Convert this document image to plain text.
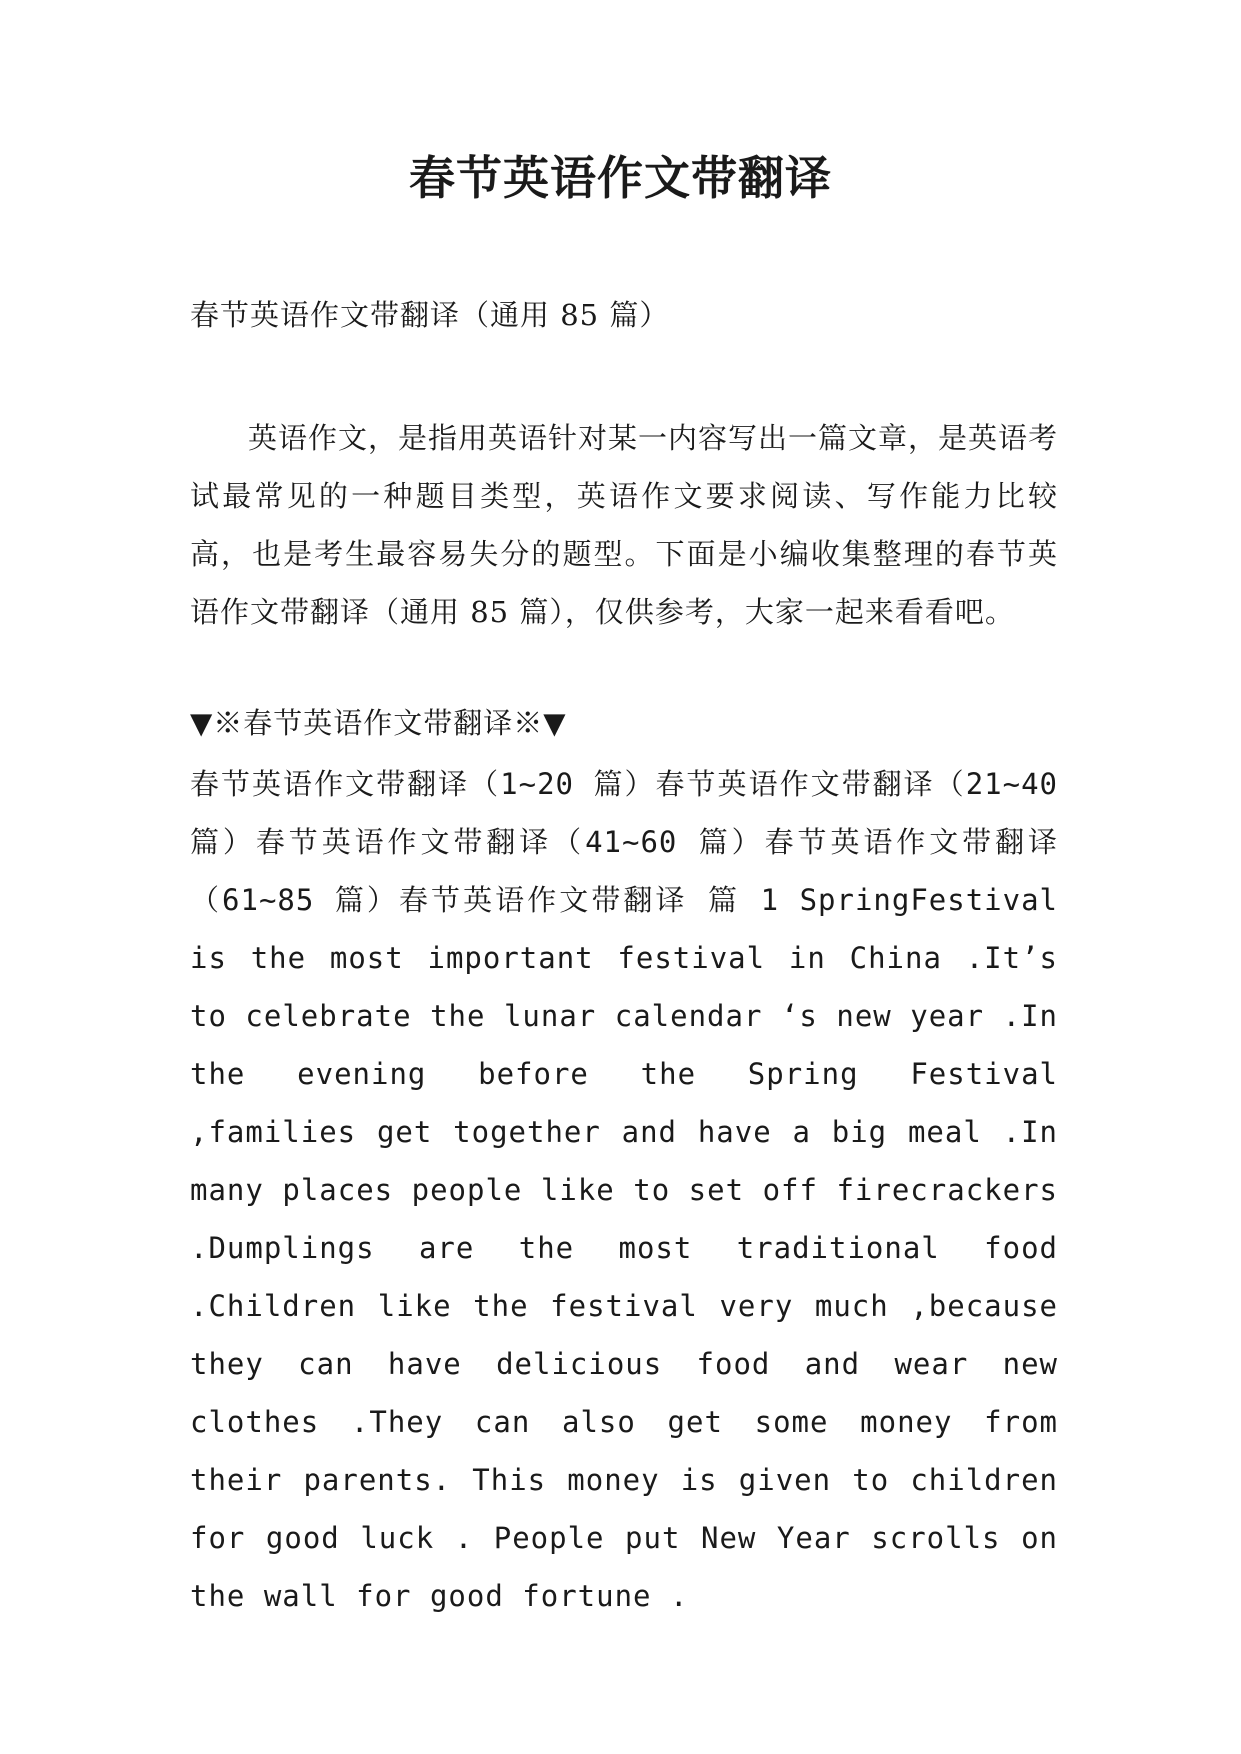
春节英语作文带翻译

春节英语作文带翻译（通用 85 篇）

英语作文，是指用英语针对某一内容写出一篇文章，是英语考试最常见的一种题目类型，英语作文要求阅读、写作能力比较高，也是考生最容易失分的题型。下面是小编收集整理的春节英语作文带翻译（通用 85 篇），仅供参考，大家一起来看看吧。

▼※春节英语作文带翻译※▼

春节英语作文带翻译（1~20 篇）春节英语作文带翻译（21~40 篇）春节英语作文带翻译（41~60 篇）春节英语作文带翻译（61~85 篇）春节英语作文带翻译 篇 1 SpringFestival is the most important festival in China .It’s to celebrate the lunar calendar ‘s new year .In the evening before the Spring Festival ,families get together and have a big meal .In many places people like to set off firecrackers .Dumplings are the most traditional food .Children like the festival very much ,because they can have delicious food and wear new clothes .They can also get some money from their parents. This money is given to children for good luck . People put New Year scrolls on the wall for good fortune .
